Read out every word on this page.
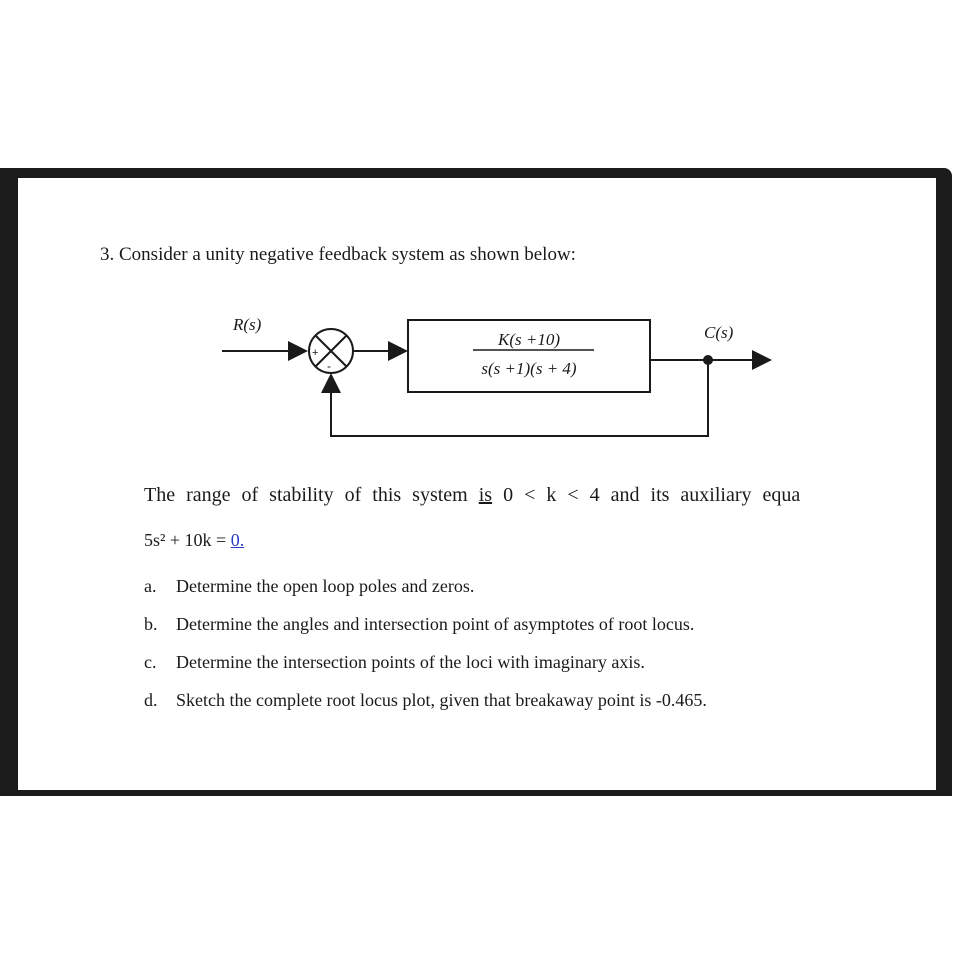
3. Consider a unity negative feedback system as shown below:
R(s)
+
-
K(s +10)
s(s +1)(s + 4)
C(s)
The range of stability of this system is 0 < k < 4 and its auxiliary equa
5s² + 10k = 0.
a. Determine the open loop poles and zeros.
b. Determine the angles and intersection point of asymptotes of root locus.
c. Determine the intersection points of the loci with imaginary axis.
d. Sketch the complete root locus plot, given that breakaway point is -0.465.
